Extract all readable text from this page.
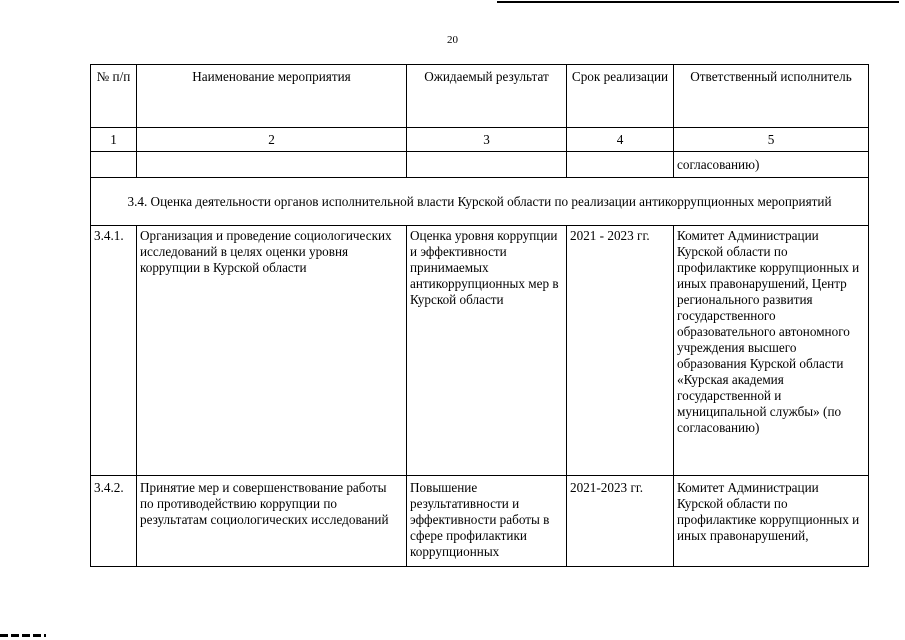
20
№ п/п	Наименование мероприятия	Ожидаемый результат	Срок реализации	Ответственный исполнитель
1	2	3	4	5
				согласованию)
3.4. Оценка деятельности органов исполнительной власти Курской области по реализации антикоррупционных мероприятий				
3.4.1.	Организация и проведение социологических исследований в целях оценки уровня коррупции в Курской области	Оценка уровня коррупции и эффективности принимаемых антикоррупционных мер в Курской области	2021 - 2023 гг.	Комитет Администрации Курской области по профилактике коррупционных и иных правонарушений, Центр регионального развития государственного образовательного автономного учреждения высшего образования Курской области «Курская академия государственной и муниципальной службы» (по согласованию)
3.4.2.	Принятие мер и совершенствование работы по противодействию коррупции по результатам социологических исследований	Повышение результативности и эффективности работы в сфере профилактики коррупционных	2021-2023 гг.	Комитет Администрации Курской области по профилактике коррупционных и иных правонарушений,
